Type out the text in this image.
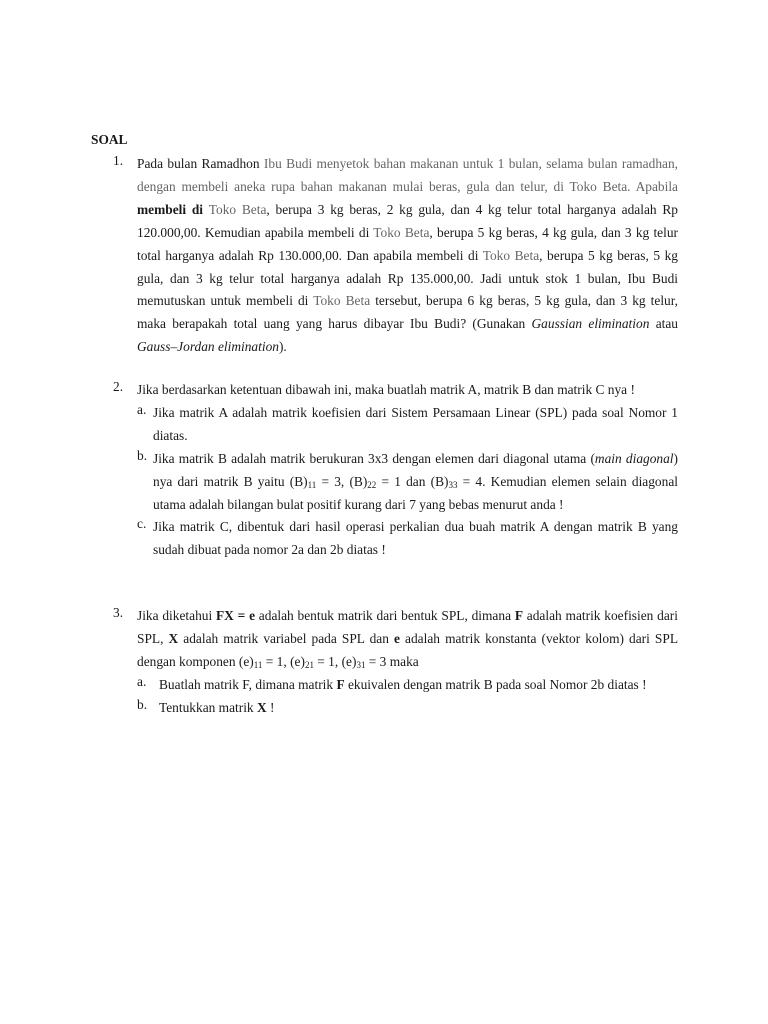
SOAL
1. Pada bulan Ramadhon Ibu Budi menyetok bahan makanan untuk 1 bulan, selama bulan ramadhan, dengan membeli aneka rupa bahan makanan mulai beras, gula dan telur, di Toko Beta. Apabila membeli di Toko Beta, berupa 3 kg beras, 2 kg gula, dan 4 kg telur total harganya adalah Rp 120.000,00. Kemudian apabila membeli di Toko Beta, berupa 5 kg beras, 4 kg gula, dan 3 kg telur total harganya adalah Rp 130.000,00. Dan apabila membeli di Toko Beta, berupa 5 kg beras, 5 kg gula, dan 3 kg telur total harganya adalah Rp 135.000,00. Jadi untuk stok 1 bulan, Ibu Budi memutuskan untuk membeli di Toko Beta tersebut, berupa 6 kg beras, 5 kg gula, dan 3 kg telur, maka berapakah total uang yang harus dibayar Ibu Budi? (Gunakan Gaussian elimination atau Gauss–Jordan elimination).
2. Jika berdasarkan ketentuan dibawah ini, maka buatlah matrik A, matrik B dan matrik C nya !
a. Jika matrik A adalah matrik koefisien dari Sistem Persamaan Linear (SPL) pada soal Nomor 1 diatas.
b. Jika matrik B adalah matrik berukuran 3x3 dengan elemen dari diagonal utama (main diagonal) nya dari matrik B yaitu $(B)_{11} = 3$, $(B)_{22} = 1$ dan $(B)_{33} = 4$. Kemudian elemen selain diagonal utama adalah bilangan bulat positif kurang dari 7 yang bebas menurut anda !
c. Jika matrik C, dibentuk dari hasil operasi perkalian dua buah matrik A dengan matrik B yang sudah dibuat pada nomor 2a dan 2b diatas !
3. Jika diketahui FX = e adalah bentuk matrik dari bentuk SPL, dimana F adalah matrik koefisien dari SPL, X adalah matrik variabel pada SPL dan e adalah matrik konstanta (vektor kolom) dari SPL dengan komponen $(e)_{11} = 1$, $(e)_{21} = 1$, $(e)_{31} = 3$ maka
a. Buatlah matrik F, dimana matrik F ekuivalen dengan matrik B pada soal Nomor 2b diatas !
b. Tentukkan matrik X !
